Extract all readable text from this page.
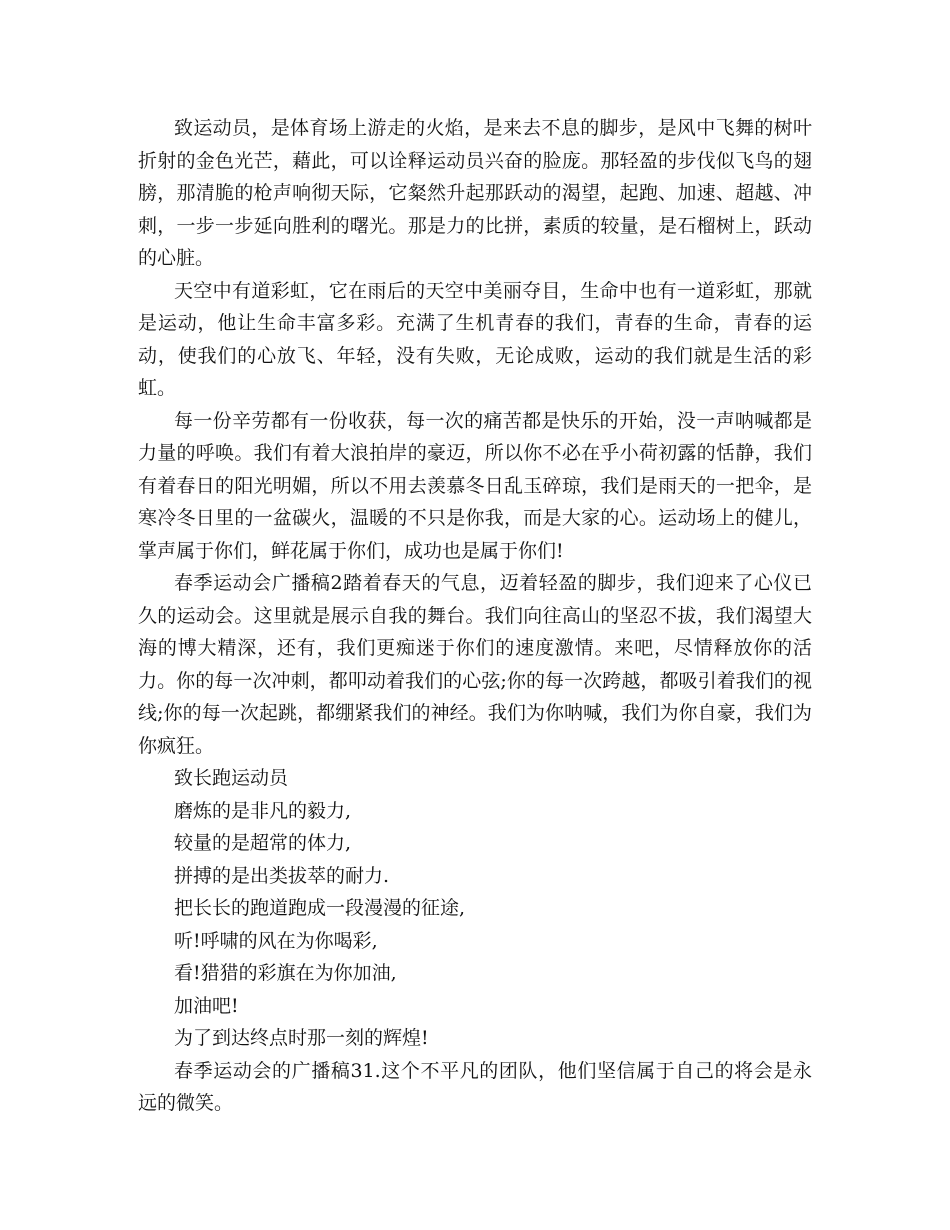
致运动员，是体育场上游走的火焰，是来去不息的脚步，是风中飞舞的树叶折射的金色光芒，藉此，可以诠释运动员兴奋的脸庞。那轻盈的步伐似飞鸟的翅膀，那清脆的枪声响彻天际，它粲然升起那跃动的渴望，起跑、加速、超越、冲刺，一步一步延向胜利的曙光。那是力的比拼，素质的较量，是石榴树上，跃动的心脏。

天空中有道彩虹，它在雨后的天空中美丽夺目，生命中也有一道彩虹，那就是运动，他让生命丰富多彩。充满了生机青春的我们，青春的生命，青春的运动，使我们的心放飞、年轻，没有失败，无论成败，运动的我们就是生活的彩虹。

每一份辛劳都有一份收获，每一次的痛苦都是快乐的开始，没一声呐喊都是力量的呼唤。我们有着大浪拍岸的豪迈，所以你不必在乎小荷初露的恬静，我们有着春日的阳光明媚，所以不用去羡慕冬日乱玉碎琼，我们是雨天的一把伞，是寒冷冬日里的一盆碳火，温暖的不只是你我，而是大家的心。运动场上的健儿，掌声属于你们，鲜花属于你们，成功也是属于你们!

春季运动会广播稿2踏着春天的气息，迈着轻盈的脚步，我们迎来了心仪已久的运动会。这里就是展示自我的舞台。我们向往高山的坚忍不拔，我们渴望大海的博大精深，还有，我们更痴迷于你们的速度激情。来吧，尽情释放你的活力。你的每一次冲刺，都叩动着我们的心弦;你的每一次跨越，都吸引着我们的视线;你的每一次起跳，都绷紧我们的神经。我们为你呐喊，我们为你自豪，我们为你疯狂。

致长跑运动员

磨炼的是非凡的毅力,

较量的是超常的体力,

拼搏的是出类拔萃的耐力.

把长长的跑道跑成一段漫漫的征途,

听!呼啸的风在为你喝彩,

看!猎猎的彩旗在为你加油,

加油吧!

为了到达终点时那一刻的辉煌!

春季运动会的广播稿31.这个不平凡的团队，他们坚信属于自己的将会是永远的微笑。
